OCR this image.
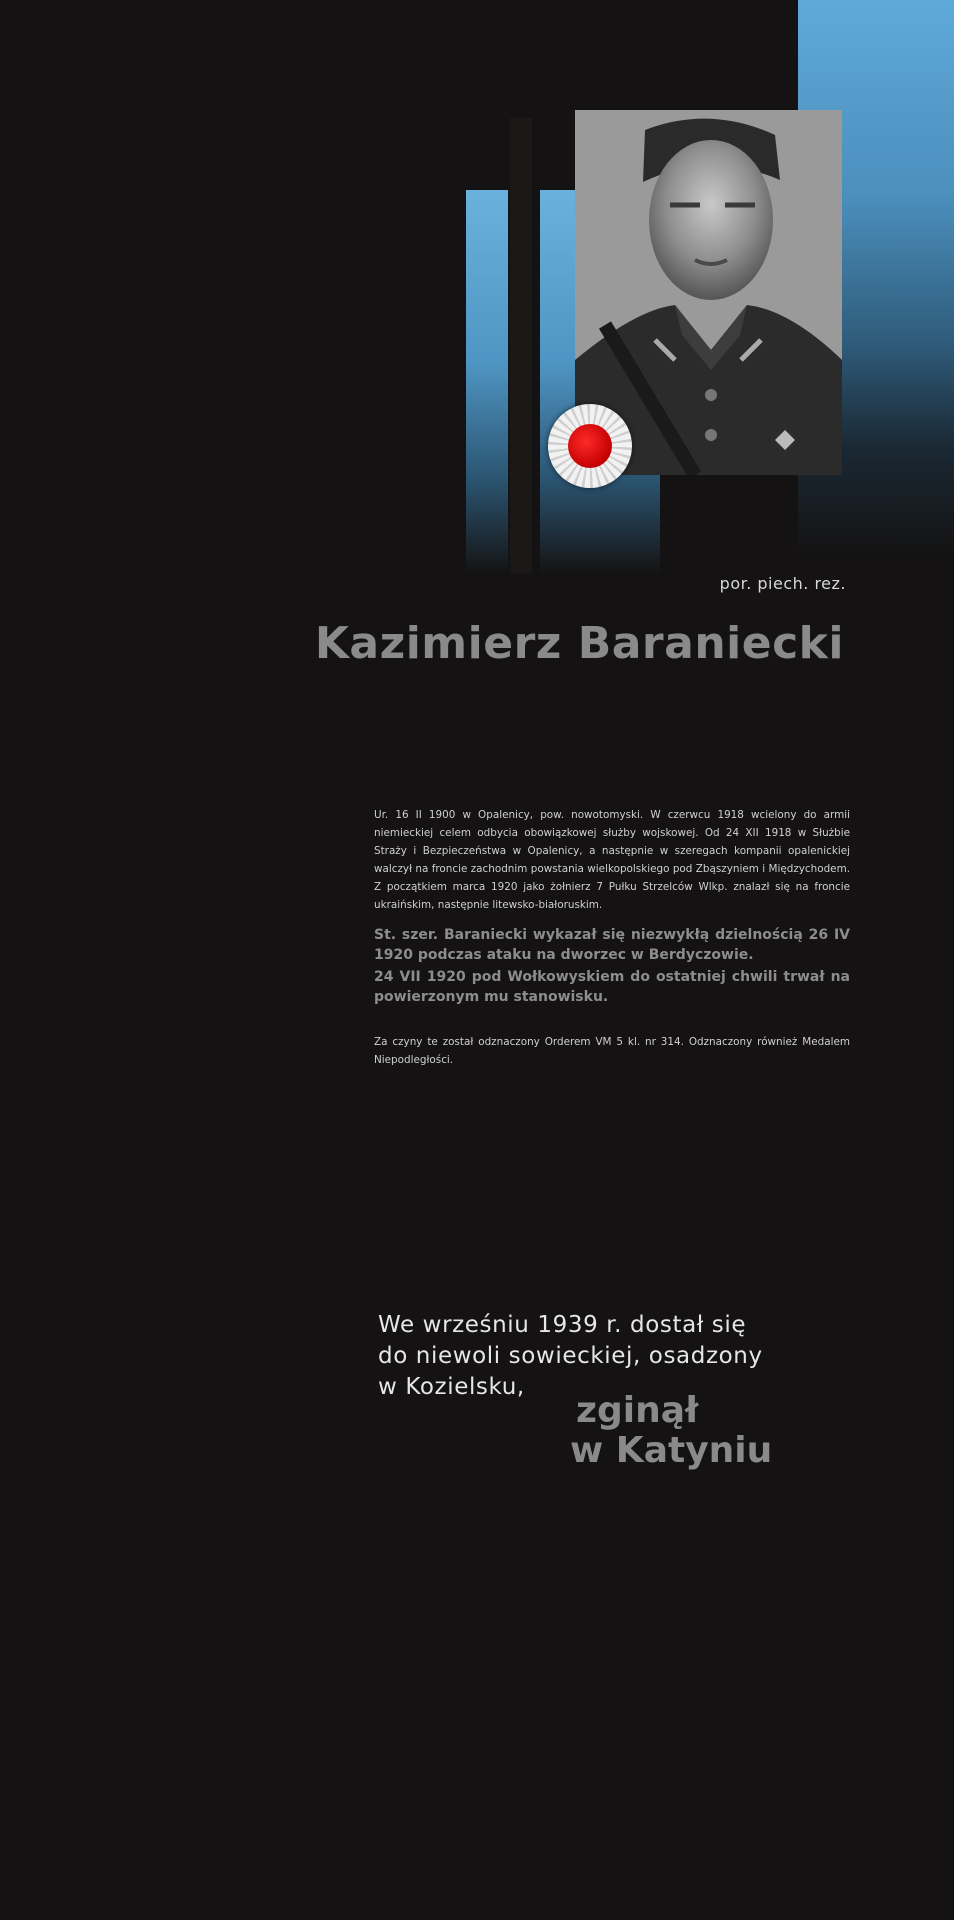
por. piech. rez.
Kazimierz Baraniecki
Ur. 16 II 1900 w Opalenicy, pow. nowotomyski. W czerwcu 1918 wcielony do armii niemieckiej celem odbycia obowiązkowej służby wojskowej. Od 24 XII 1918 w Służbie Straży i Bezpieczeństwa w Opalenicy, a następnie w szeregach kompanii opalenickiej walczył na froncie zachodnim powstania wielkopolskiego pod Zbąszyniem i Międzychodem. Z początkiem marca 1920 jako żołnierz 7 Pułku Strzelców Wlkp. znalazł się na froncie ukraińskim, następnie litewsko-białoruskim.
St. szer. Baraniecki wykazał się niezwykłą dzielnością 26 IV 1920 podczas ataku na dworzec w Berdyczowie.
24 VII 1920 pod Wołkowyskiem do ostatniej chwili trwał na powierzonym mu stanowisku.
Za czyny te został odznaczony Orderem VM 5 kl. nr 314. Odznaczony również Medalem Niepodległości.
We wrześniu 1939 r. dostał się
do niewoli sowieckiej, osadzony
w Kozielsku,
zginął
w Katyniu
